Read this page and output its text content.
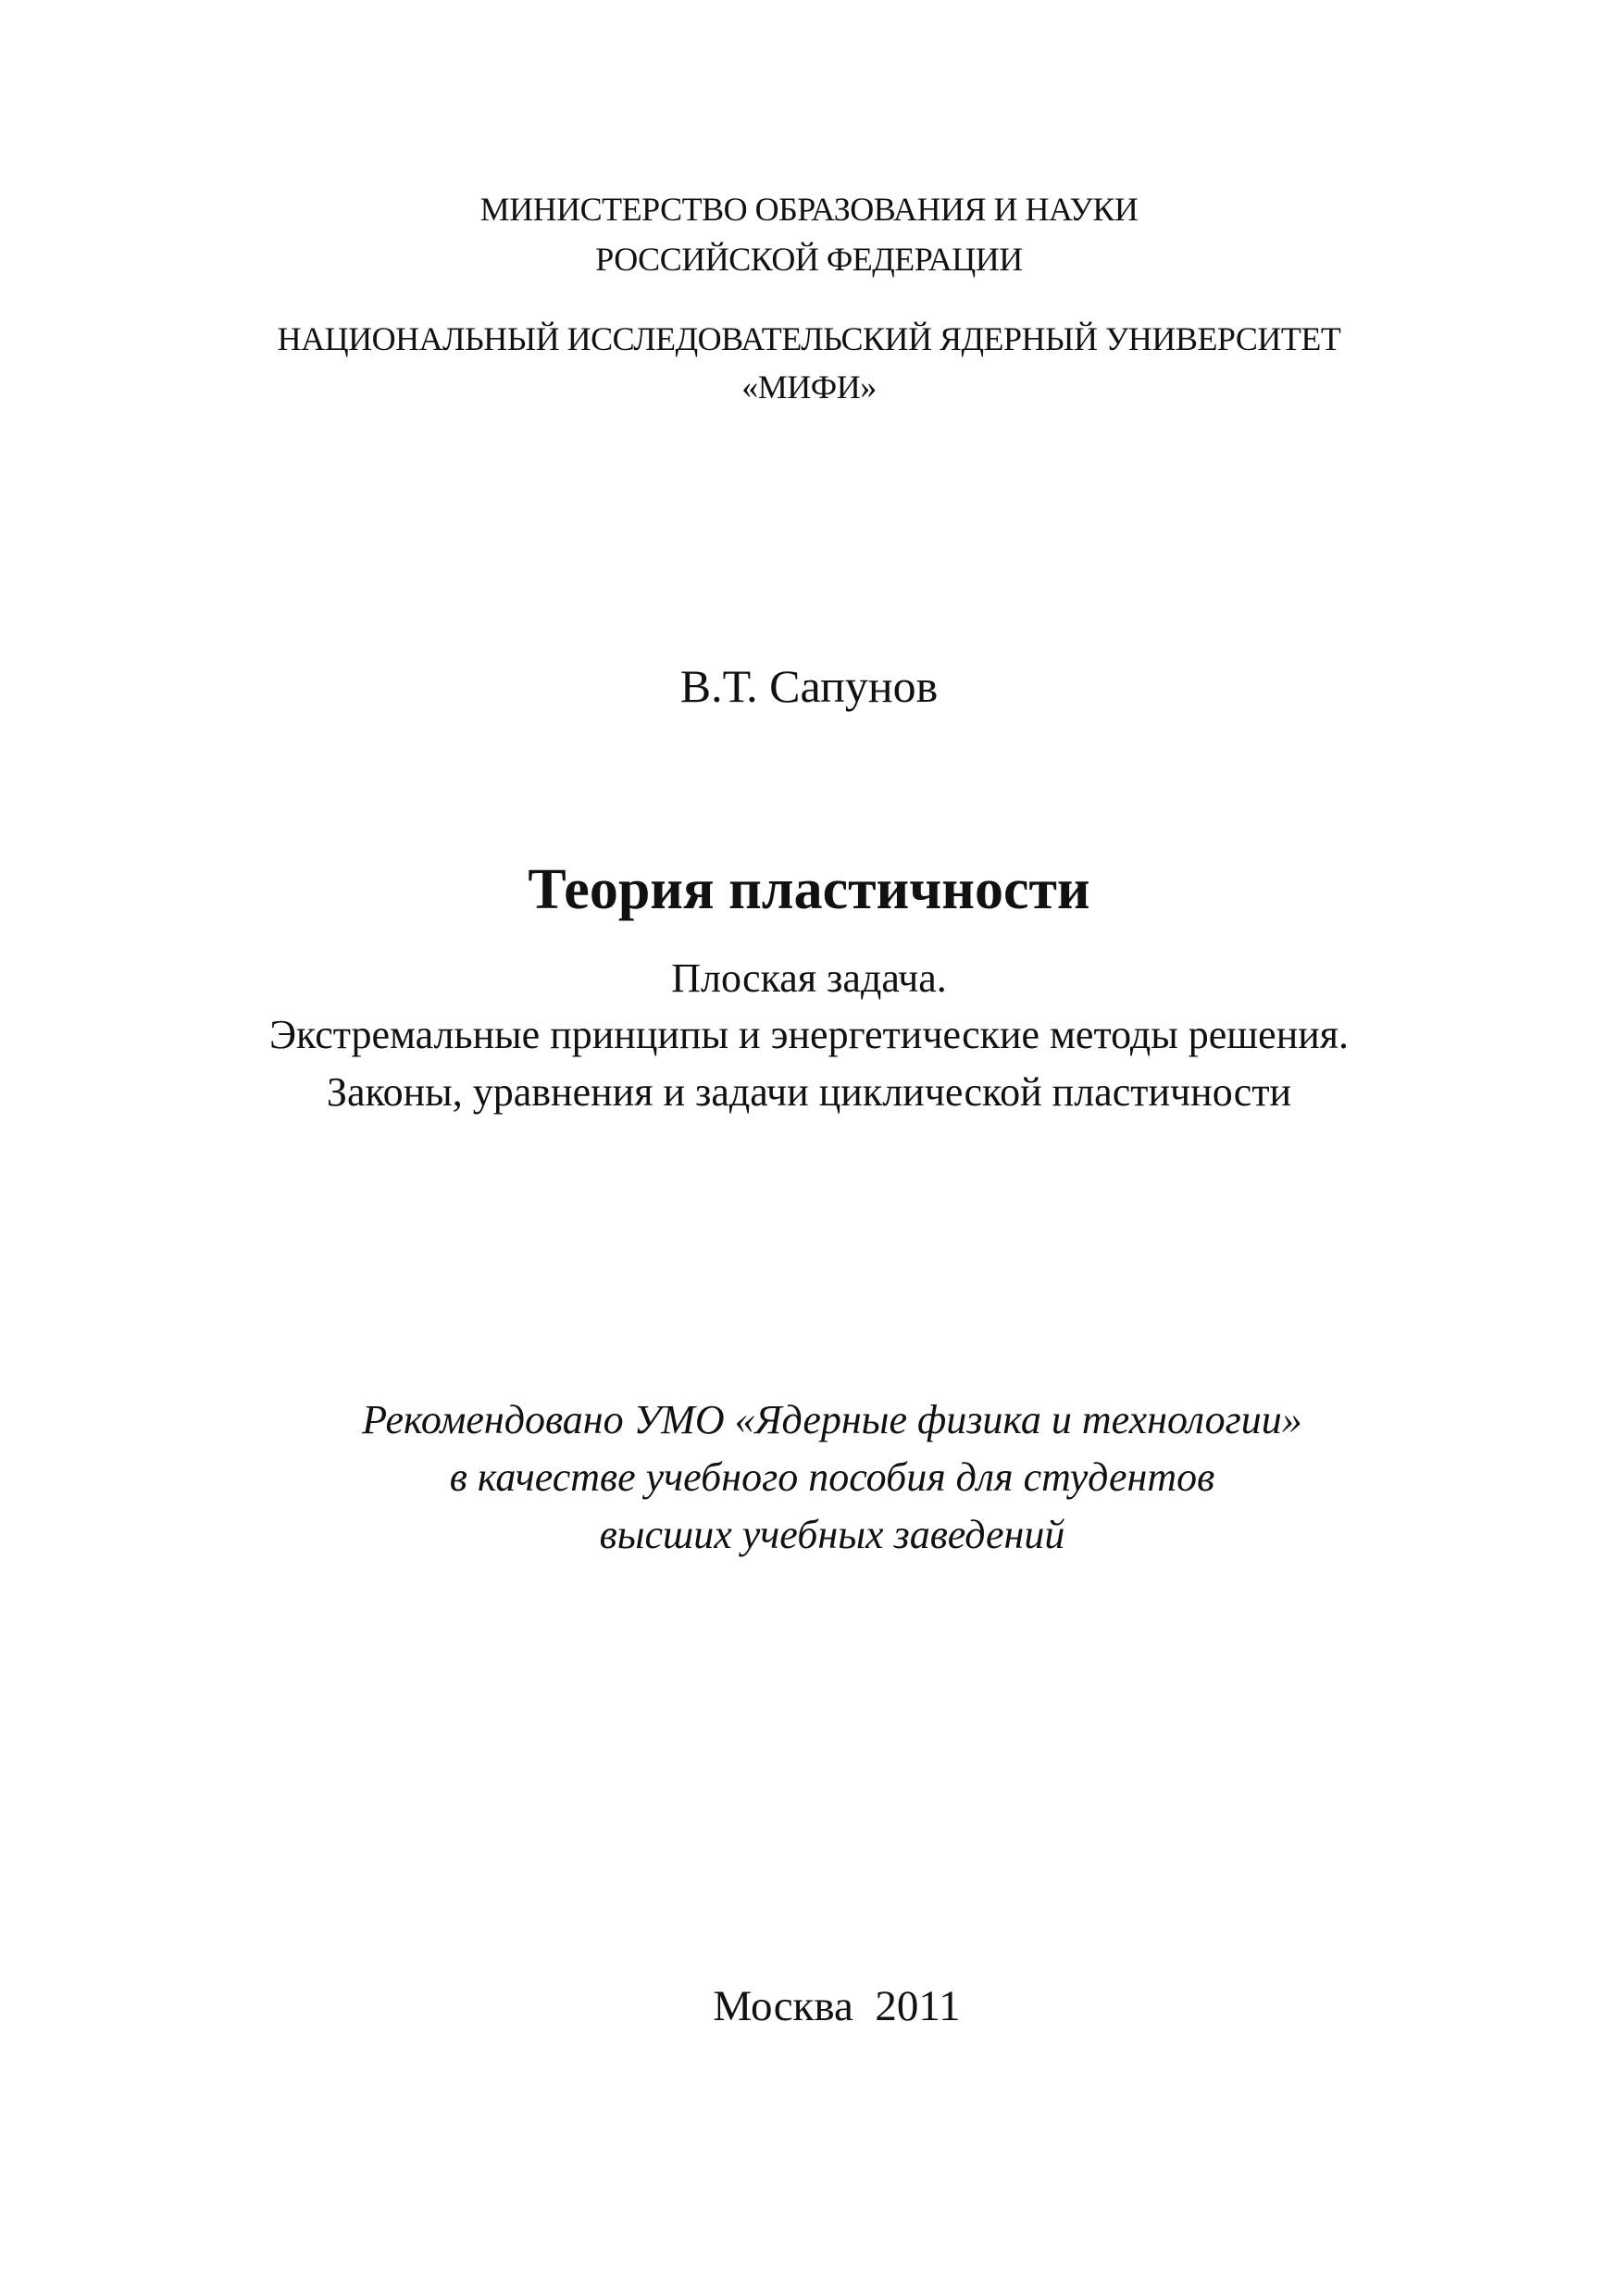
МИНИСТЕРСТВО ОБРАЗОВАНИЯ И НАУКИ
РОССИЙСКОЙ ФЕДЕРАЦИИ
НАЦИОНАЛЬНЫЙ ИССЛЕДОВАТЕЛЬСКИЙ ЯДЕРНЫЙ УНИВЕРСИТЕТ
«МИФИ»
В.Т. Сапунов
Теория пластичности
Плоская задача.
Экстремальные принципы и энергетические методы решения.
Законы, уравнения и задачи циклической пластичности
Рекомендовано УМО «Ядерные физика и технологии»
в качестве учебного пособия для студентов
высших учебных заведений
Москва 2011
